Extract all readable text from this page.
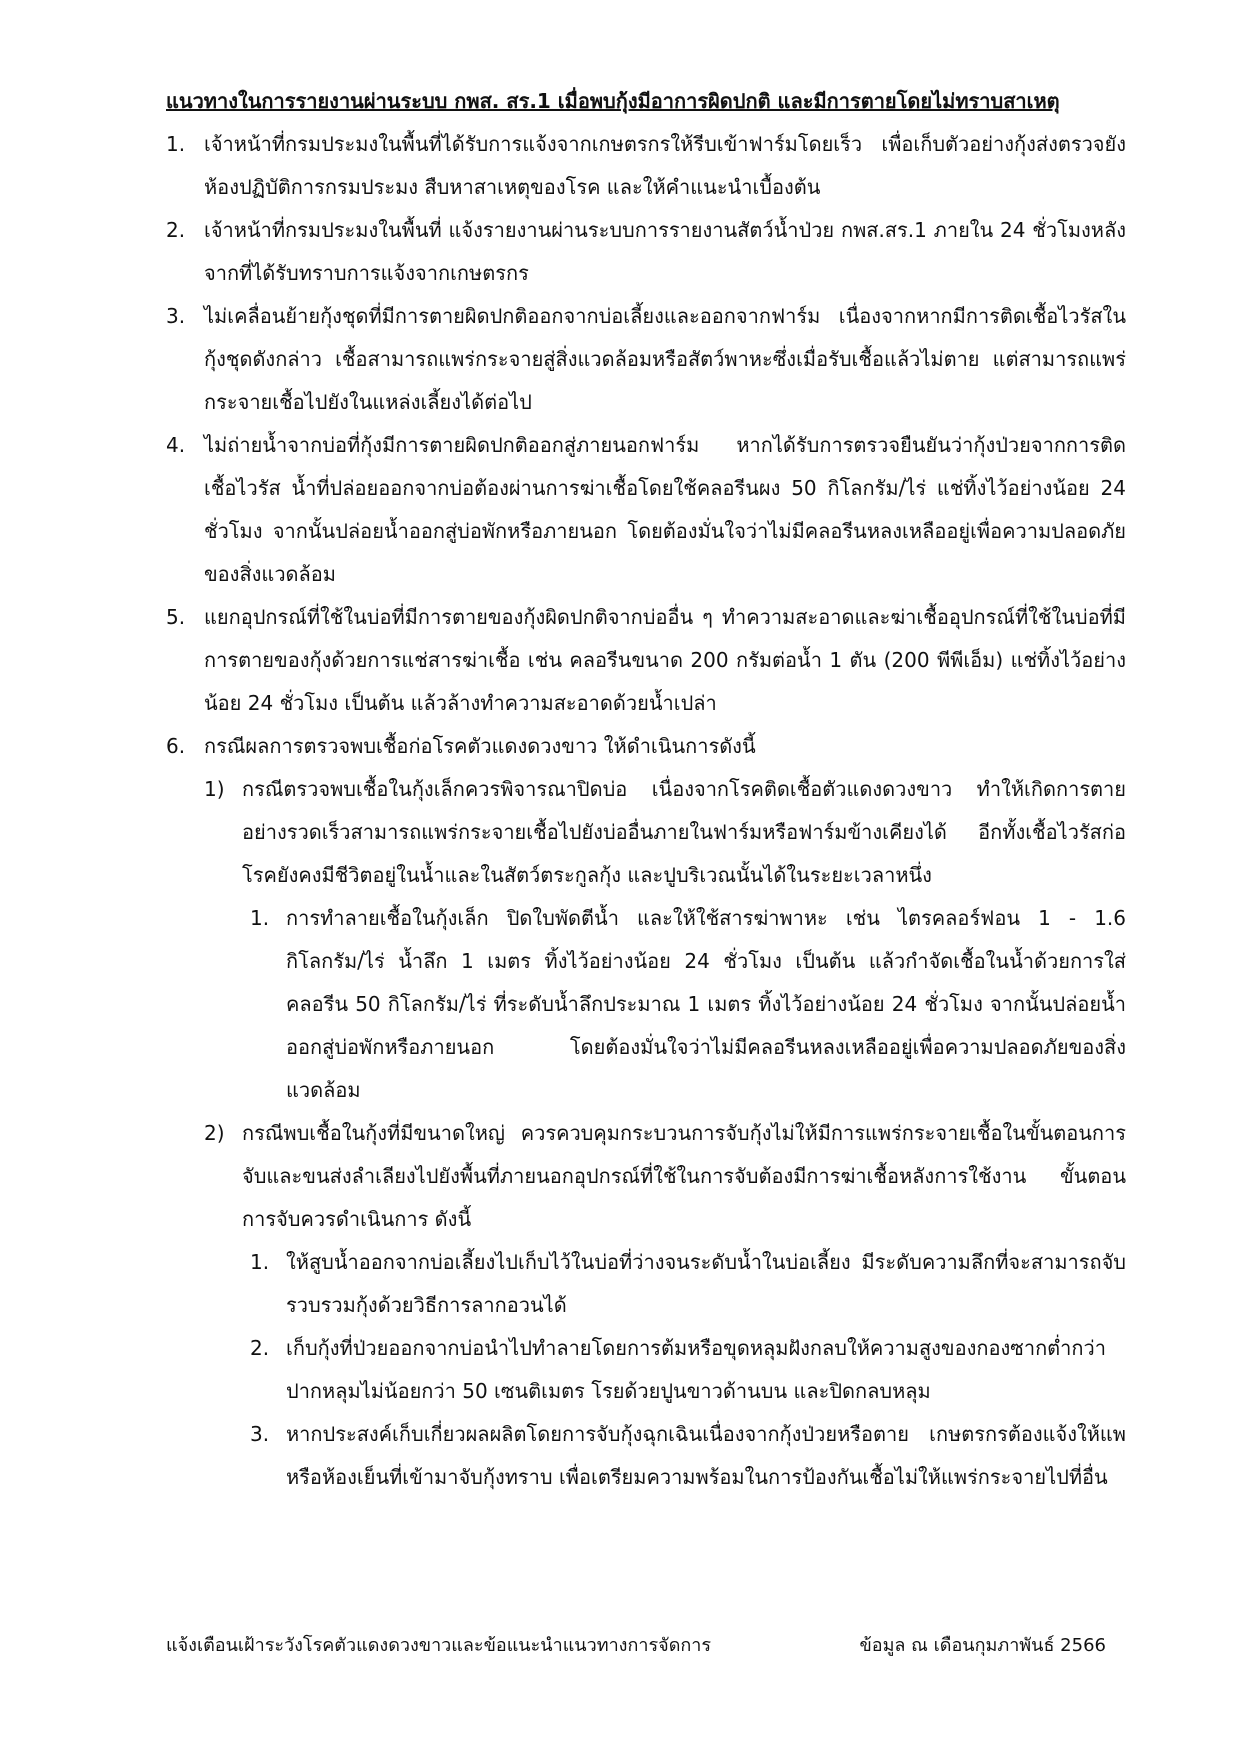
แนวทางในการรายงานผ่านระบบ กพส. สร.1 เมื่อพบกุ้งมีอาการผิดปกติ และมีการตายโดยไม่ทราบสาเหตุ
1. เจ้าหน้าที่กรมประมงในพื้นที่ได้รับการแจ้งจากเกษตรกรให้รีบเข้าฟาร์มโดยเร็ว เพื่อเก็บตัวอย่างกุ้งส่งตรวจยังห้องปฏิบัติการกรมประมง สืบหาสาเหตุของโรค และให้คำแนะนำเบื้องต้น
2. เจ้าหน้าที่กรมประมงในพื้นที่ แจ้งรายงานผ่านระบบการรายงานสัตว์น้ำป่วย กพส.สร.1 ภายใน 24 ชั่วโมงหลังจากที่ได้รับทราบการแจ้งจากเกษตรกร
3. ไม่เคลื่อนย้ายกุ้งชุดที่มีการตายผิดปกติออกจากบ่อเลี้ยงและออกจากฟาร์ม เนื่องจากหากมีการติดเชื้อไวรัสในกุ้งชุดดังกล่าว เชื้อสามารถแพร่กระจายสู่สิ่งแวดล้อมหรือสัตว์พาหะซึ่งเมื่อรับเชื้อแล้วไม่ตาย แต่สามารถแพร่กระจายเชื้อไปยังในแหล่งเลี้ยงได้ต่อไป
4. ไม่ถ่ายน้ำจากบ่อที่กุ้งมีการตายผิดปกติออกสู่ภายนอกฟาร์ม หากได้รับการตรวจยืนยันว่ากุ้งป่วยจากการติดเชื้อไวรัส น้ำที่ปล่อยออกจากบ่อต้องผ่านการฆ่าเชื้อโดยใช้คลอรีนผง 50 กิโลกรัม/ไร่ แช่ทิ้งไว้อย่างน้อย 24 ชั่วโมง จากนั้นปล่อยน้ำออกสู่บ่อพักหรือภายนอก โดยต้องมั่นใจว่าไม่มีคลอรีนหลงเหลืออยู่เพื่อความปลอดภัยของสิ่งแวดล้อม
5. แยกอุปกรณ์ที่ใช้ในบ่อที่มีการตายของกุ้งผิดปกติจากบ่ออื่น ๆ ทำความสะอาดและฆ่าเชื้ออุปกรณ์ที่ใช้ในบ่อที่มีการตายของกุ้งด้วยการแช่สารฆ่าเชื้อ เช่น คลอรีนขนาด 200 กรัมต่อน้ำ 1 ตัน (200 พีพีเอ็ม) แช่ทิ้งไว้อย่างน้อย 24 ชั่วโมง เป็นต้น แล้วล้างทำความสะอาดด้วยน้ำเปล่า
6. กรณีผลการตรวจพบเชื้อก่อโรคตัวแดงดวงขาว ให้ดำเนินการดังนี้
1) กรณีตรวจพบเชื้อในกุ้งเล็กควรพิจารณาปิดบ่อ เนื่องจากโรคติดเชื้อตัวแดงดวงขาว ทำให้เกิดการตายอย่างรวดเร็วสามารถแพร่กระจายเชื้อไปยังบ่ออื่นภายในฟาร์มหรือฟาร์มข้างเคียงได้ อีกทั้งเชื้อไวรัสก่อโรคยังคงมีชีวิตอยู่ในน้ำและในสัตว์ตระกูลกุ้ง และปูบริเวณนั้นได้ในระยะเวลาหนึ่ง
1. การทำลายเชื้อในกุ้งเล็ก ปิดใบพัดตีน้ำ และให้ใช้สารฆ่าพาหะ เช่น ไตรคลอร์ฟอน 1 - 1.6 กิโลกรัม/ไร่ น้ำลึก 1 เมตร ทิ้งไว้อย่างน้อย 24 ชั่วโมง เป็นต้น แล้วกำจัดเชื้อในน้ำด้วยการใส่คลอรีน 50 กิโลกรัม/ไร่ ที่ระดับน้ำลึกประมาณ 1 เมตร ทิ้งไว้อย่างน้อย 24 ชั่วโมง จากนั้นปล่อยน้ำออกสู่บ่อพักหรือภายนอก โดยต้องมั่นใจว่าไม่มีคลอรีนหลงเหลืออยู่เพื่อความปลอดภัยของสิ่งแวดล้อม
2) กรณีพบเชื้อในกุ้งที่มีขนาดใหญ่ ควรควบคุมกระบวนการจับกุ้งไม่ให้มีการแพร่กระจายเชื้อในขั้นตอนการจับและขนส่งลำเลียงไปยังพื้นที่ภายนอกอุปกรณ์ที่ใช้ในการจับต้องมีการฆ่าเชื้อหลังการใช้งาน ขั้นตอนการจับควรดำเนินการ ดังนี้
1. ให้สูบน้ำออกจากบ่อเลี้ยงไปเก็บไว้ในบ่อที่ว่างจนระดับน้ำในบ่อเลี้ยง มีระดับความลึกที่จะสามารถจับรวบรวมกุ้งด้วยวิธีการลากอวนได้
2. เก็บกุ้งที่ป่วยออกจากบ่อนำไปทำลายโดยการต้มหรือขุดหลุมฝังกลบให้ความสูงของกองซากต่ำกว่าปากหลุมไม่น้อยกว่า 50 เซนติเมตร โรยด้วยปูนขาวด้านบน และปิดกลบหลุม
3. หากประสงค์เก็บเกี่ยวผลผลิตโดยการจับกุ้งฉุกเฉินเนื่องจากกุ้งป่วยหรือตาย เกษตรกรต้องแจ้งให้แพหรือห้องเย็นที่เข้ามาจับกุ้งทราบ เพื่อเตรียมความพร้อมในการป้องกันเชื้อไม่ให้แพร่กระจายไปที่อื่น
แจ้งเตือนเฝ้าระวังโรคตัวแดงดวงขาวและข้อแนะนำแนวทางการจัดการ	ข้อมูล ณ เดือนกุมภาพันธ์ 2566
